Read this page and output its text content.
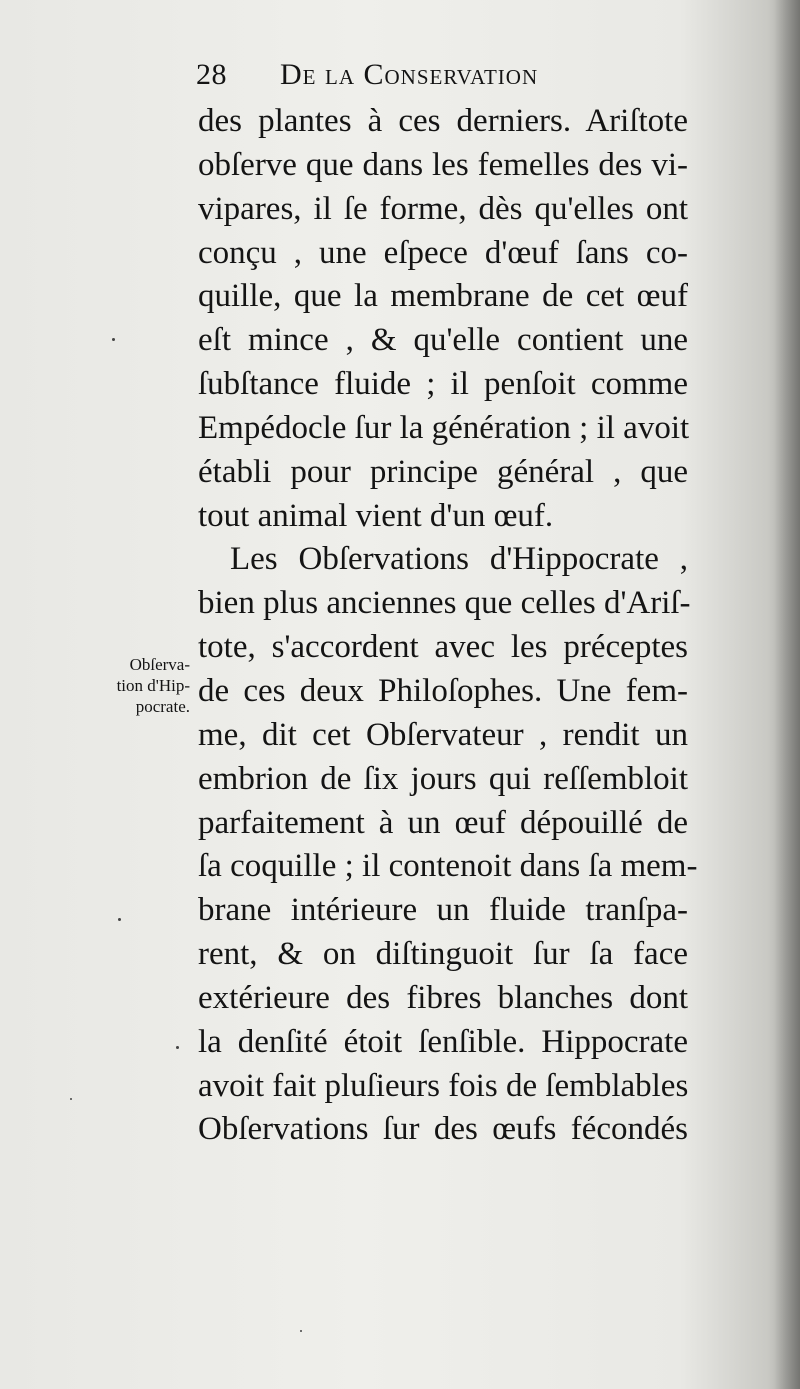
28 De la Conservation
Obſerva-
tion d'Hip-
pocrate.
des plantes à ces derniers. Ariſtote
obſerve que dans les femelles des vi-
vipares, il ſe forme, dès qu'elles ont
conçu , une eſpece d'œuf ſans co-
quille, que la membrane de cet œuf
eſt mince , & qu'elle contient une
ſubſtance fluide ; il penſoit comme
Empédocle ſur la génération ; il avoit
établi pour principe général , que
tout animal vient d'un œuf.
Les Obſervations d'Hippocrate ,
bien plus anciennes que celles d'Ariſ-
tote, s'accordent avec les préceptes
de ces deux Philoſophes. Une fem-
me, dit cet Obſervateur , rendit un
embrion de ſix jours qui reſſembloit
parfaitement à un œuf dépouillé de
ſa coquille ; il contenoit dans ſa mem-
brane intérieure un fluide tranſpa-
rent, & on diſtinguoit ſur ſa face
extérieure des fibres blanches dont
la denſité étoit ſenſible. Hippocrate
avoit fait pluſieurs fois de ſemblables
Obſervations ſur des œufs fécondés
